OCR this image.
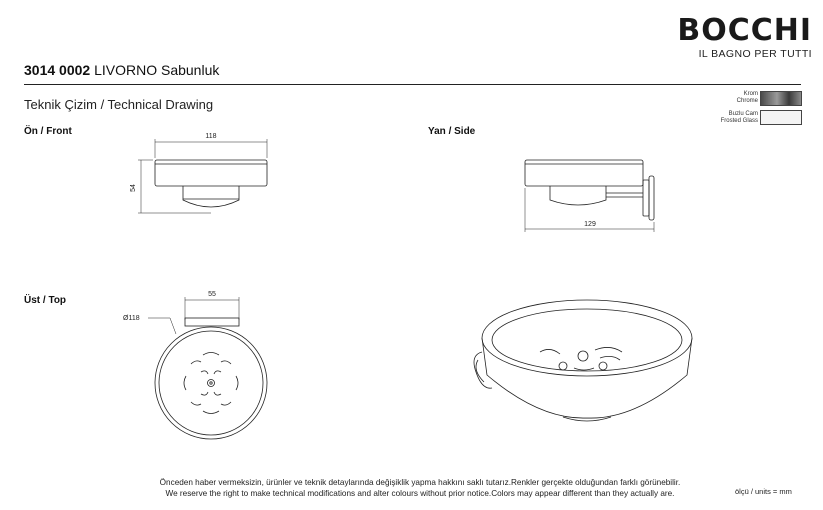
BOCCHI
IL BAGNO PER TUTTI
3014 0002 LIVORNO Sabunluk
Teknik Çizim / Technical Drawing
Krom
Chrome
Buzlu Cam
Frosted Glass
Ön / Front	Yan / Side
Üst / Top
118
54
129
55
Ø118
Önceden haber vermeksizin, ürünler ve teknik detaylarında değişiklik yapma hakkını saklı tutarız.Renkler gerçekte olduğundan farklı görünebilir.
We reserve the right to make technical modifications and alter colours without prior notice.Colors may appear different than they actually are.	ölçü / units = mm
